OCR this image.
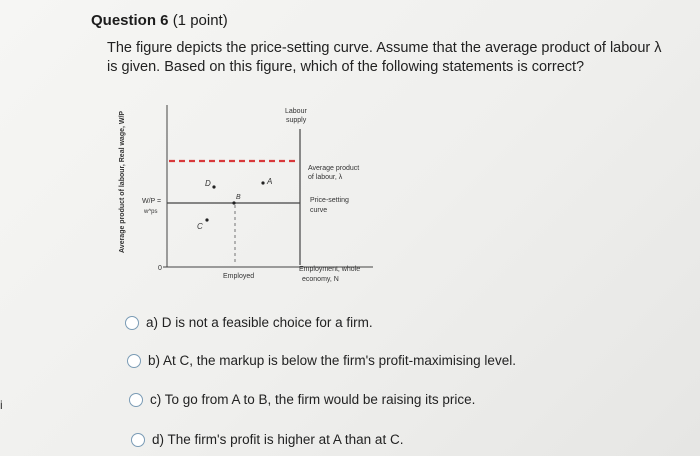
Question 6 (1 point)
The figure depicts the price-setting curve. Assume that the average product of labour λ is given. Based on this figure, which of the following statements is correct?
Average product of labour, Real wage, W/P
0
Labour
supply
Average product
of labour, λ
Price-setting
curve
W/P =
w^ps
D	A
B
C
Employed
Employment, whole
economy, N
a) D is not a feasible choice for a firm.
b) At C, the markup is below the firm's profit-maximising level.
c) To go from A to B, the firm would be raising its price.
d) The firm's profit is higher at A than at C.
i
